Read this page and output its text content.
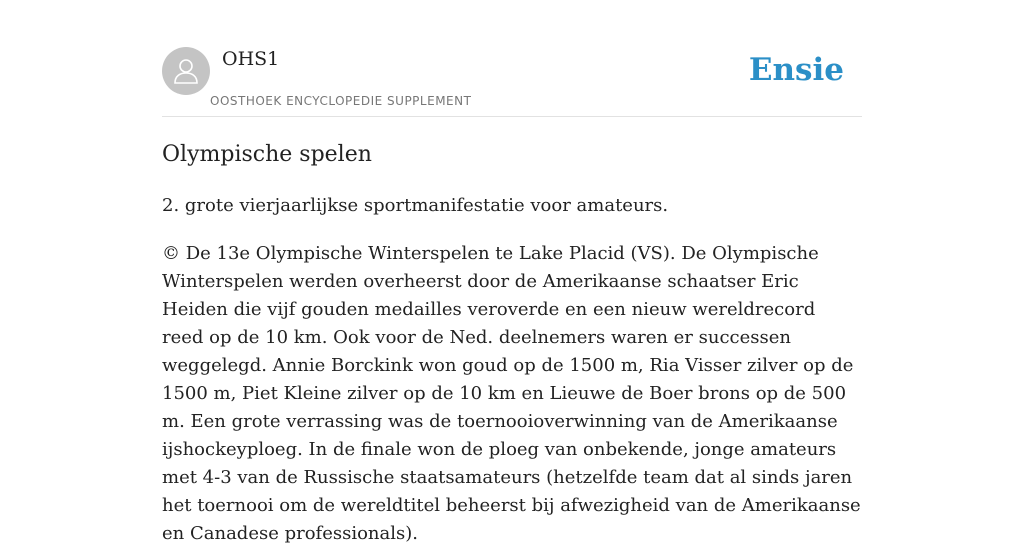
OHS1
OOSTHOEK ENCYCLOPEDIE SUPPLEMENT
Ensie
Olympische spelen

2. grote vierjaarlijkse sportmanifestatie voor amateurs.

© De 13e Olympische Winterspelen te Lake Placid (VS). De Olympische Winterspelen werden overheerst door de Amerikaanse schaatser Eric Heiden die vijf gouden medailles veroverde en een nieuw wereldrecord reed op de 10 km. Ook voor de Ned. deelnemers waren er successen weggelegd. Annie Borckink won goud op de 1500 m, Ria Visser zilver op de 1500 m, Piet Kleine zilver op de 10 km en Lieuwe de Boer brons op de 500 m. Een grote verrassing was de toernooioverwinning van de Amerikaanse ijshockeyploeg. In de finale won de ploeg van onbekende, jonge amateurs met 4-3 van de Russische staatsamateurs (hetzelfde team dat al sinds jaren het toernooi om de wereldtitel beheerst bij afwezigheid van de Amerikaanse en Canadese professionals).
